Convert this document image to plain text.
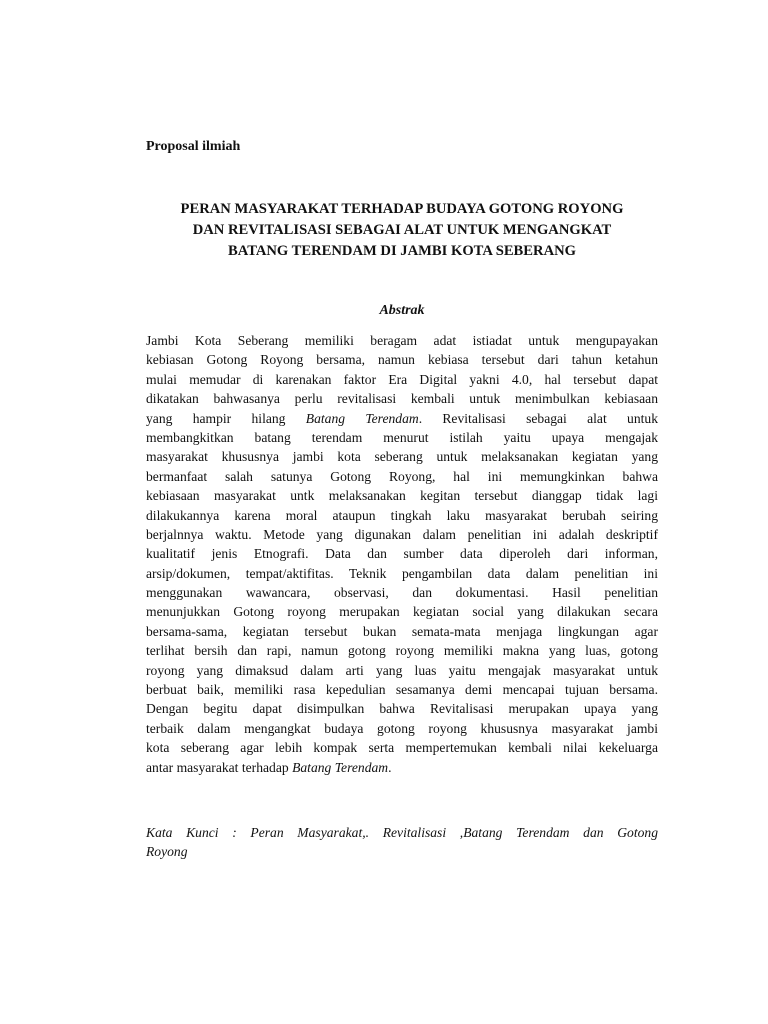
Proposal ilmiah

PERAN MASYARAKAT TERHADAP BUDAYA GOTONG ROYONG
DAN REVITALISASI SEBAGAI ALAT UNTUK MENGANGKAT
BATANG TERENDAM DI JAMBI KOTA SEBERANG
Abstrak
Jambi Kota Seberang memiliki beragam adat istiadat untuk mengupayakan
kebiasan Gotong Royong bersama, namun kebiasa tersebut dari tahun ketahun
mulai memudar di karenakan faktor Era Digital yakni 4.0, hal tersebut dapat
dikatakan bahwasanya perlu revitalisasi kembali untuk menimbulkan kebiasaan
yang hampir hilang Batang Terendam. Revitalisasi sebagai alat untuk
membangkitkan batang terendam menurut istilah yaitu upaya mengajak
masyarakat khususnya jambi kota seberang untuk melaksanakan kegiatan yang
bermanfaat salah satunya Gotong Royong, hal ini memungkinkan bahwa
kebiasaan masyarakat untk melaksanakan kegitan tersebut dianggap tidak lagi
dilakukannya karena moral ataupun tingkah laku masyarakat berubah seiring
berjalnnya waktu. Metode yang digunakan dalam penelitian ini adalah deskriptif
kualitatif jenis Etnografi. Data dan sumber data diperoleh dari informan,
arsip/dokumen, tempat/aktifitas. Teknik pengambilan data dalam penelitian ini
menggunakan wawancara, observasi, dan dokumentasi. Hasil penelitian
menunjukkan Gotong royong merupakan kegiatan social yang dilakukan secara
bersama-sama, kegiatan tersebut bukan semata-mata menjaga lingkungan agar
terlihat bersih dan rapi, namun gotong royong memiliki makna yang luas, gotong
royong yang dimaksud dalam arti yang luas yaitu mengajak masyarakat untuk
berbuat baik, memiliki rasa kepedulian sesamanya demi mencapai tujuan bersama.
Dengan begitu dapat disimpulkan bahwa Revitalisasi merupakan upaya yang
terbaik dalam mengangkat budaya gotong royong khususnya masyarakat jambi
kota seberang agar lebih kompak serta mempertemukan kembali nilai kekeluarga
antar masyarakat terhadap Batang Terendam.
Kata Kunci : Peran Masyarakat,. Revitalisasi ,Batang Terendam dan Gotong
Royong
